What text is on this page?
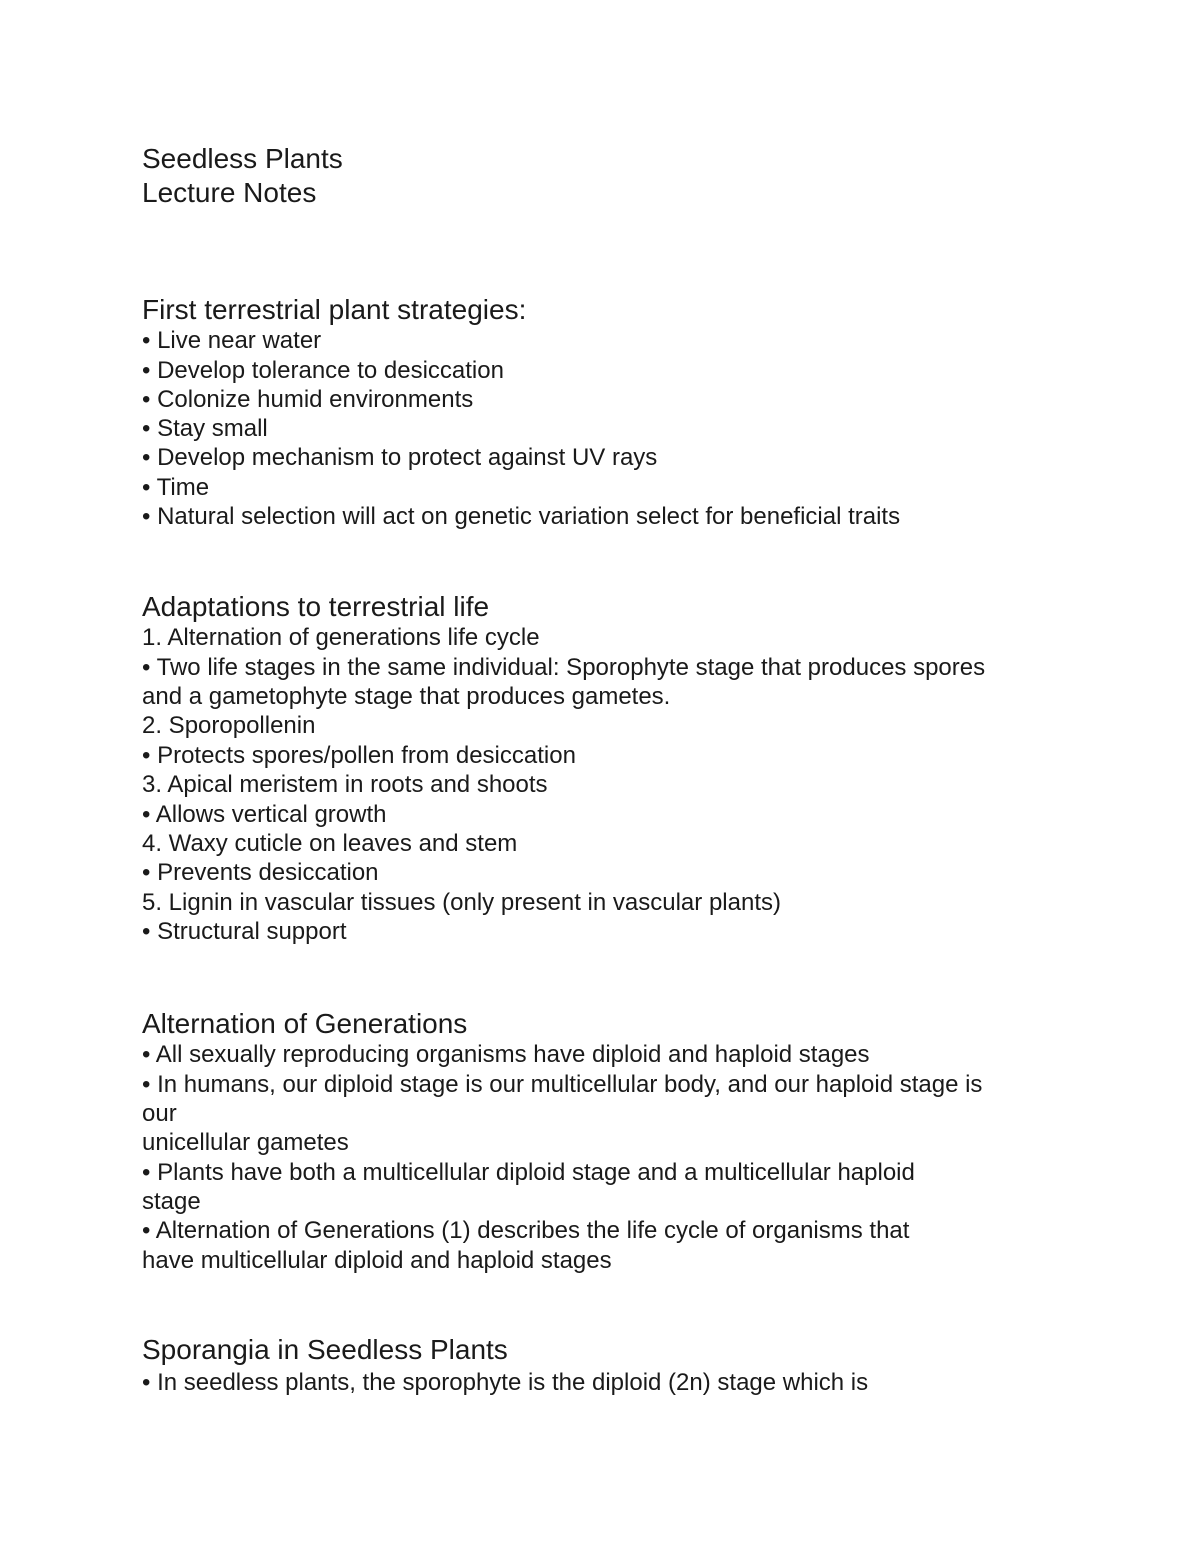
Seedless Plants
Lecture Notes
First terrestrial plant strategies:
• Live near water
• Develop tolerance to desiccation
• Colonize humid environments
• Stay small
• Develop mechanism to protect against UV rays
• Time
• Natural selection will act on genetic variation select for beneficial traits
Adaptations to terrestrial life
1. Alternation of generations life cycle
• Two life stages in the same individual: Sporophyte stage that produces spores
and a gametophyte stage that produces gametes.
2. Sporopollenin
• Protects spores/pollen from desiccation
3. Apical meristem in roots and shoots
• Allows vertical growth
4. Waxy cuticle on leaves and stem
• Prevents desiccation
5. Lignin in vascular tissues (only present in vascular plants)
• Structural support
Alternation of Generations
• All sexually reproducing organisms have diploid and haploid stages
• In humans, our diploid stage is our multicellular body, and our haploid stage is
our
unicellular gametes
• Plants have both a multicellular diploid stage and a multicellular haploid
stage
• Alternation of Generations (1) describes the life cycle of organisms that
have multicellular diploid and haploid stages
Sporangia in Seedless Plants
• In seedless plants, the sporophyte is the diploid (2n) stage which is
